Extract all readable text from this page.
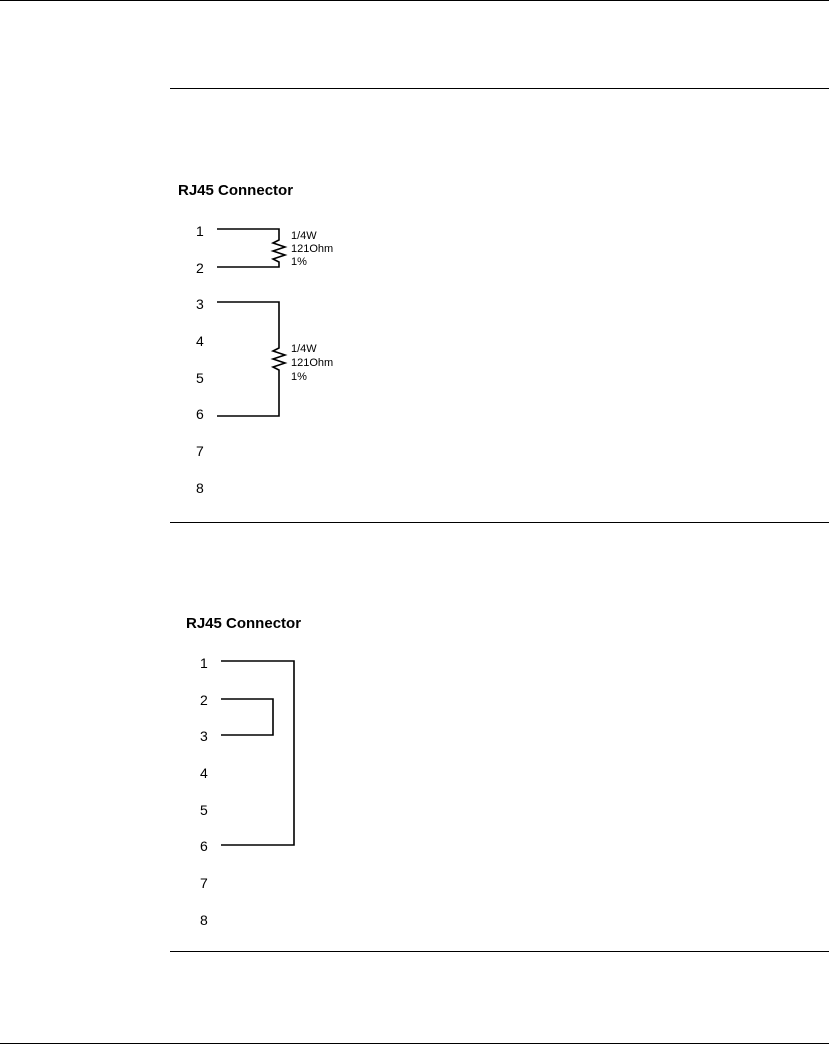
RJ45 Connector
1
2
3
4
5
6
7
8
1/4W
121Ohm
1%
1/4W
121Ohm
1%
RJ45 Connector
1
2
3
4
5
6
7
8
